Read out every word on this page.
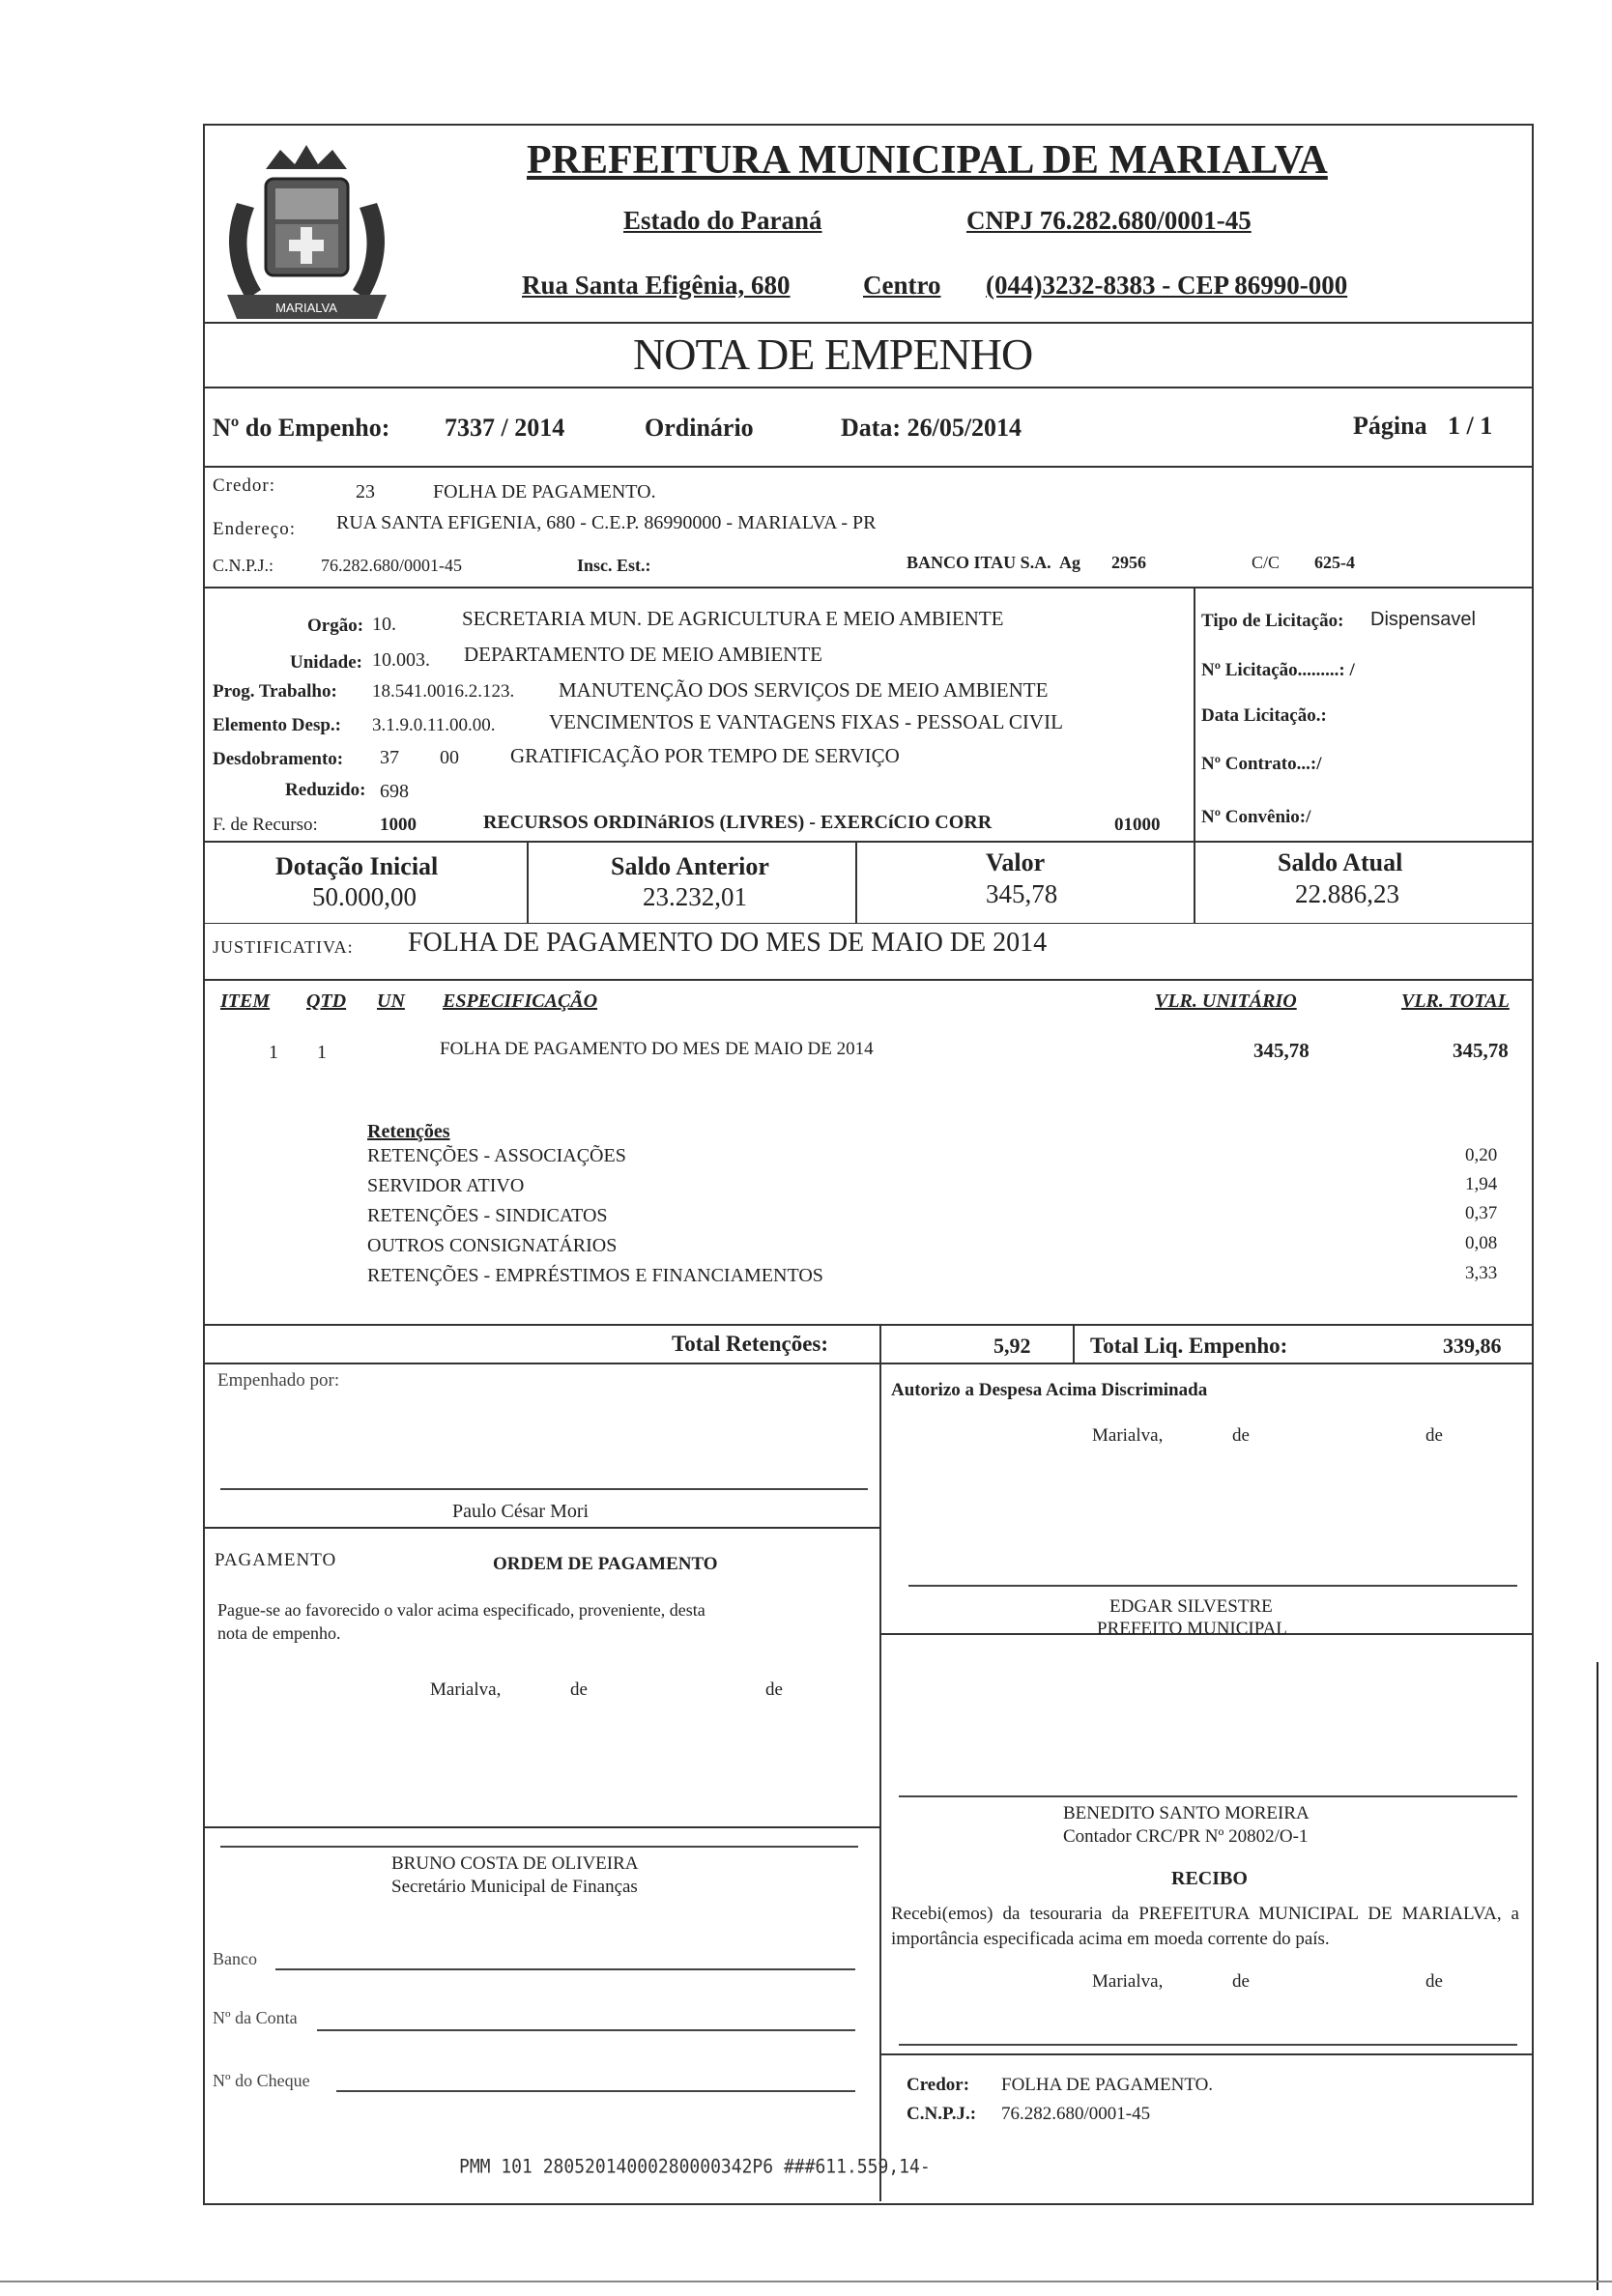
MARIALVA
PREFEITURA MUNICIPAL DE MARIALVA
Estado do Paraná	CNPJ 76.282.680/0001-45
Rua Santa Efigênia, 680	Centro (044)3232-8383 - CEP 86990-000
NOTA DE EMPENHO
Nº do Empenho: 7337 / 2014	Ordinário	Data: 26/05/2014	Página 1 / 1
Credor:	23	FOLHA DE PAGAMENTO.
Endereço: RUA SANTA EFIGENIA, 680 - C.E.P. 86990000 - MARIALVA - PR
C.N.P.J.:	76.282.680/0001-45	Insc. Est.:	BANCO ITAU S.A. Ag 2956	C/C 625-4
Orgão: 10.	SECRETARIA MUN. DE AGRICULTURA E MEIO AMBIENTE
Unidade: 10.003. DEPARTAMENTO DE MEIO AMBIENTE
Prog. Trabalho: 18.541.0016.2.123. MANUTENÇÃO DOS SERVIÇOS DE MEIO AMBIENTE
Elemento Desp.: 3.1.9.0.11.00.00.	VENCIMENTOS E VANTAGENS FIXAS - PESSOAL CIVIL
Desdobramento: 37 00	GRATIFICAÇÃO POR TEMPO DE SERVIÇO
Reduzido: 698
F. de Recurso:	1000	RECURSOS ORDINáRIOS (LIVRES) - EXERCíCIO CORR	01000
Tipo de Licitação: Dispensavel
Nº Licitação.........: /
Data Licitação.:
Nº Contrato...:/
Nº Convênio:/
Dotação Inicial
50.000,00
Saldo Anterior
23.232,01
Valor
345,78
Saldo Atual
22.886,23
JUSTIFICATIVA: FOLHA DE PAGAMENTO DO MES DE MAIO DE 2014
ITEM QTD UN ESPECIFICAÇÃO	VLR. UNITÁRIO	VLR. TOTAL
1 1	FOLHA DE PAGAMENTO DO MES DE MAIO DE 2014	345,78	345,78
Retenções
RETENÇÕES - ASSOCIAÇÕES	0,20
SERVIDOR ATIVO	1,94
RETENÇÕES - SINDICATOS	0,37
OUTROS CONSIGNATÁRIOS	0,08
RETENÇÕES - EMPRÉSTIMOS E FINANCIAMENTOS	3,33
Total Retenções:	5,92	Total Liq. Empenho:	339,86
Empenhado por:
Paulo César Mori
PAGAMENTO	ORDEM DE PAGAMENTO
Pague-se ao favorecido o valor acima especificado, proveniente, desta
nota de empenho.
Marialva,	de	de
BRUNO COSTA DE OLIVEIRA
Secretário Municipal de Finanças
Banco
Nº da Conta
Nº do Cheque
Autorizo a Despesa Acima Discriminada
Marialva,	de	de
EDGAR SILVESTRE
PREFEITO MUNICIPAL
BENEDITO SANTO MOREIRA
Contador CRC/PR Nº 20802/O-1
RECIBO
Recebi(emos) da tesouraria da PREFEITURA MUNICIPAL DE MARIALVA, a importância especificada acima em moeda corrente do país.
Marialva,	de	de
Credor: FOLHA DE PAGAMENTO.
C.N.P.J.: 76.282.680/0001-45
PMM 101 28052014000280000342P6 ###611.559,14-
